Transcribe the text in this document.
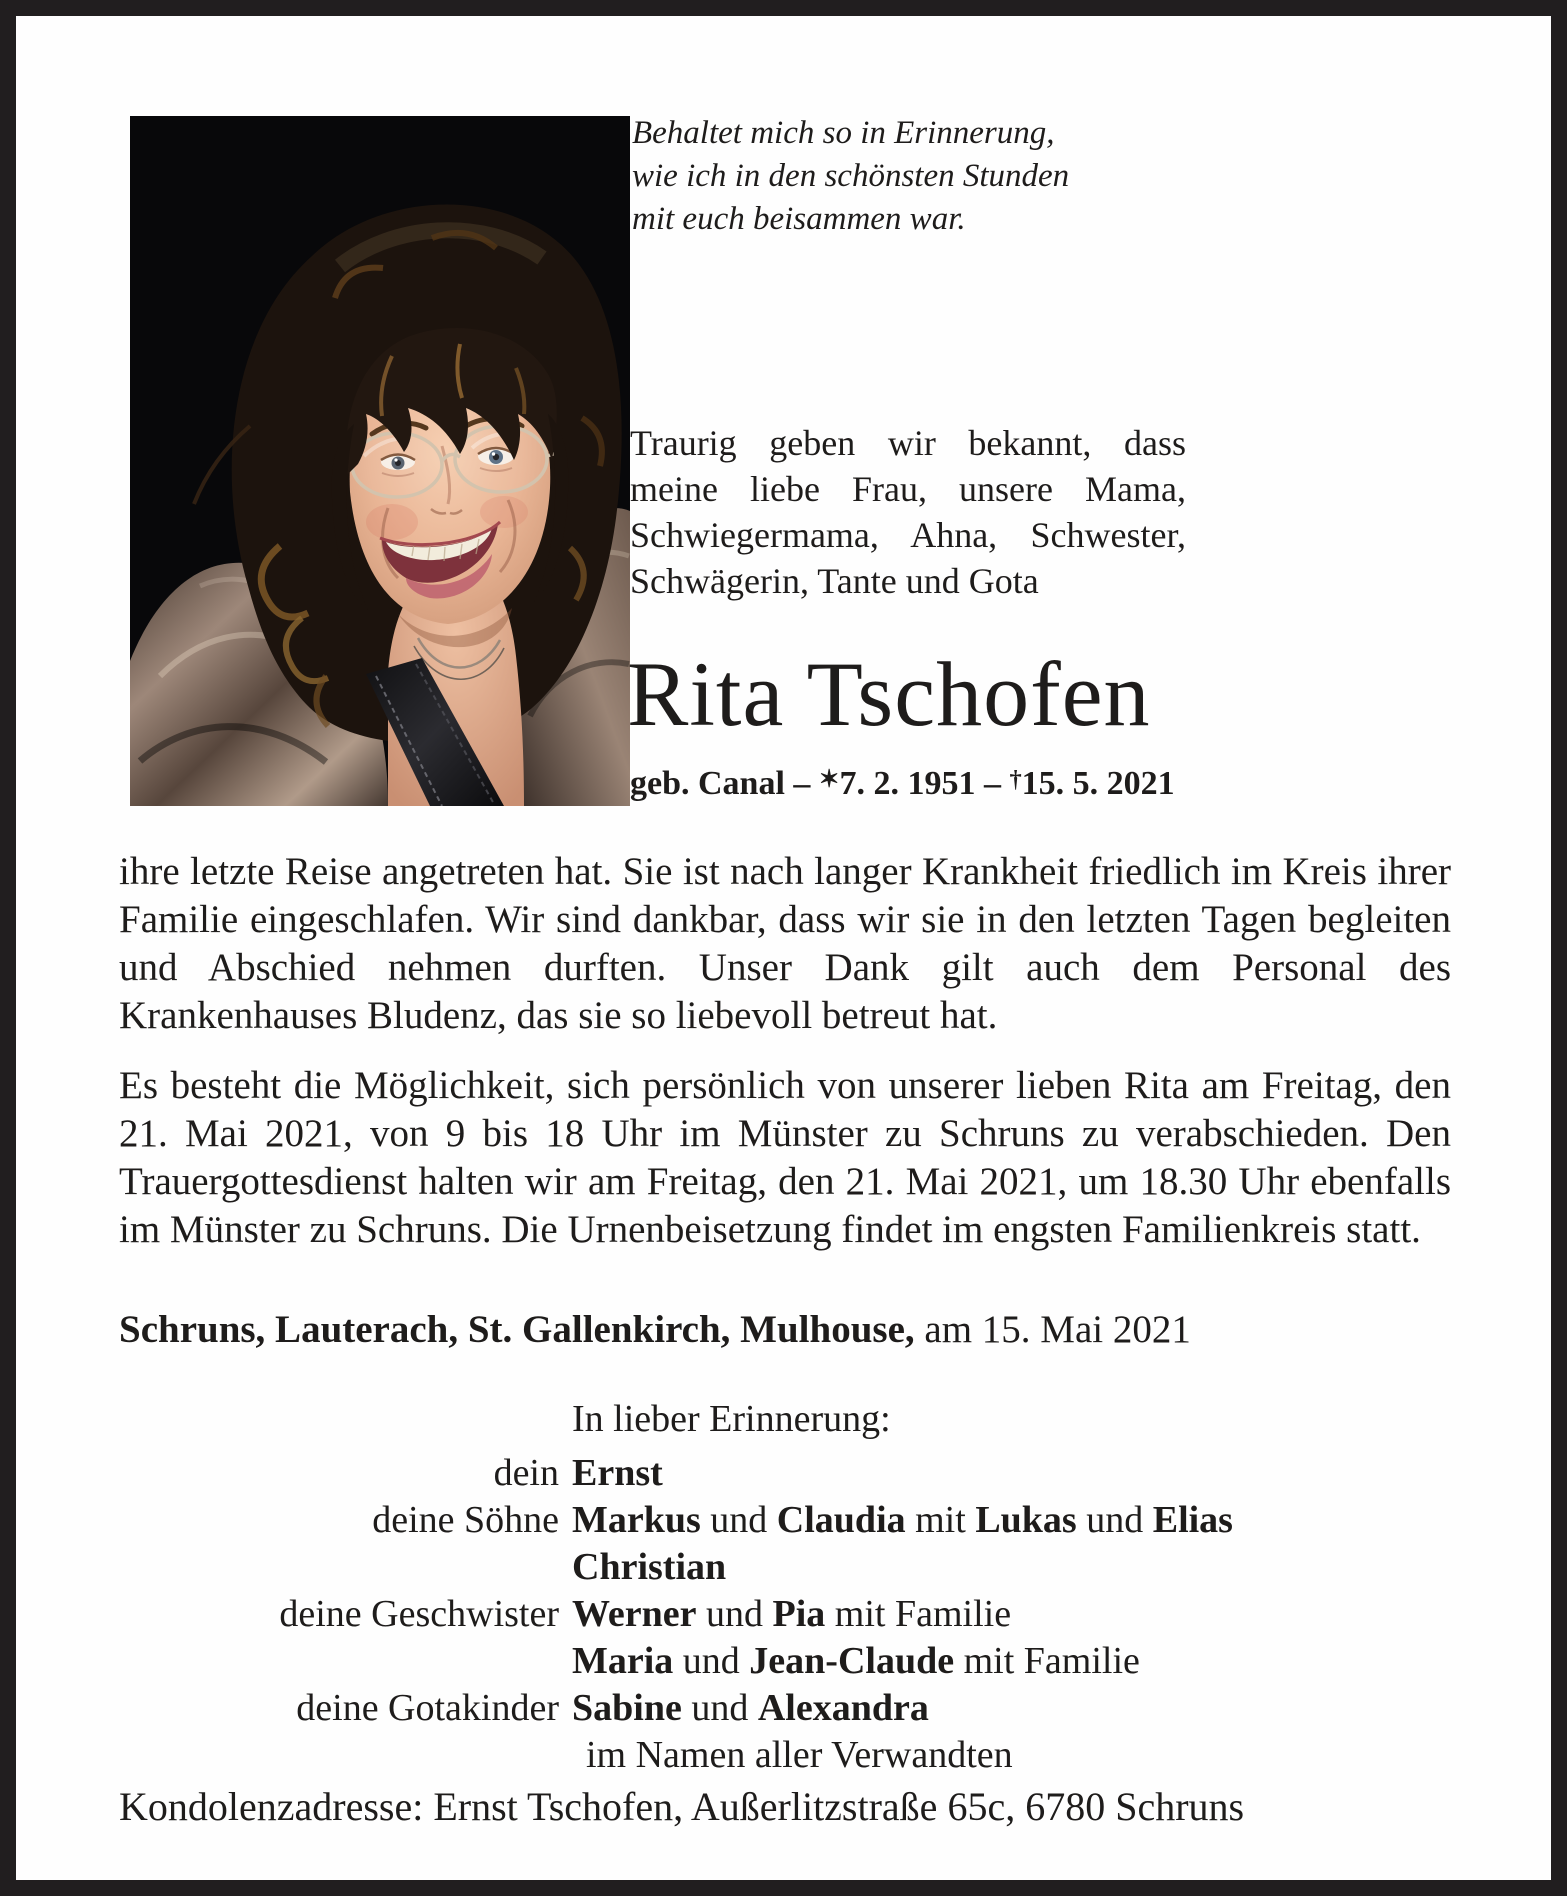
Behaltet mich so in Erinnerung,
wie ich in den schönsten Stunden
mit euch beisammen war.
Traurig geben wir bekannt, dass meine liebe Frau, unsere Mama, Schwiegermama, Ahna, Schwester, Schwägerin, Tante und Gota
Rita Tschofen
geb. Canal – ✶7. 2. 1951 – †15. 5. 2021
ihre letzte Reise angetreten hat. Sie ist nach langer Krankheit friedlich im Kreis ihrer Familie eingeschlafen. Wir sind dankbar, dass wir sie in den letzten Tagen begleiten und Abschied nehmen durften. Unser Dank gilt auch dem Personal des Krankenhauses Bludenz, das sie so liebevoll betreut hat.
Es besteht die Möglichkeit, sich persönlich von unserer lieben Rita am Freitag, den 21. Mai 2021, von 9 bis 18 Uhr im Münster zu Schruns zu verabschieden. Den Trauergottesdienst halten wir am Freitag, den 21. Mai 2021, um 18.30 Uhr ebenfalls im Münster zu Schruns. Die Urnenbeisetzung findet im engsten Familienkreis statt.
Schruns, Lauterach, St. Gallenkirch, Mulhouse, am 15. Mai 2021
In lieber Erinnerung:
dein Ernst
deine Söhne Markus und Claudia mit Lukas und Elias
Christian
deine Geschwister Werner und Pia mit Familie
Maria und Jean-Claude mit Familie
deine Gotakinder Sabine und Alexandra
im Namen aller Verwandten
Kondolenzadresse: Ernst Tschofen, Außerlitzstraße 65c, 6780 Schruns
